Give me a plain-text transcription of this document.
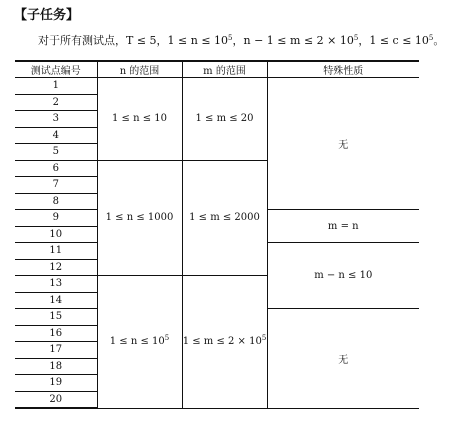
【子任务】
对于所有测试点，T ≤ 5，$1 \le n \le 10^5$，$n - 1 \le m \le 2 \times 10^5$，$1 \le c \le 10^5$。
测试点编号	n 的范围	m 的范围	特殊性质
1	1 ≤ n ≤ 10	1 ≤ m ≤ 20	无
2			
3			
4			
5			
6	1 ≤ n ≤ 1000	1 ≤ m ≤ 2000	
7			
8			
9			m = n
10			
11			m − n ≤ 10
12			
13	$1 \le n \le 10^5$	$1 \le m \le 2 \times 10^5$
14			
15			无
16			
17			
18			
19			
20			
